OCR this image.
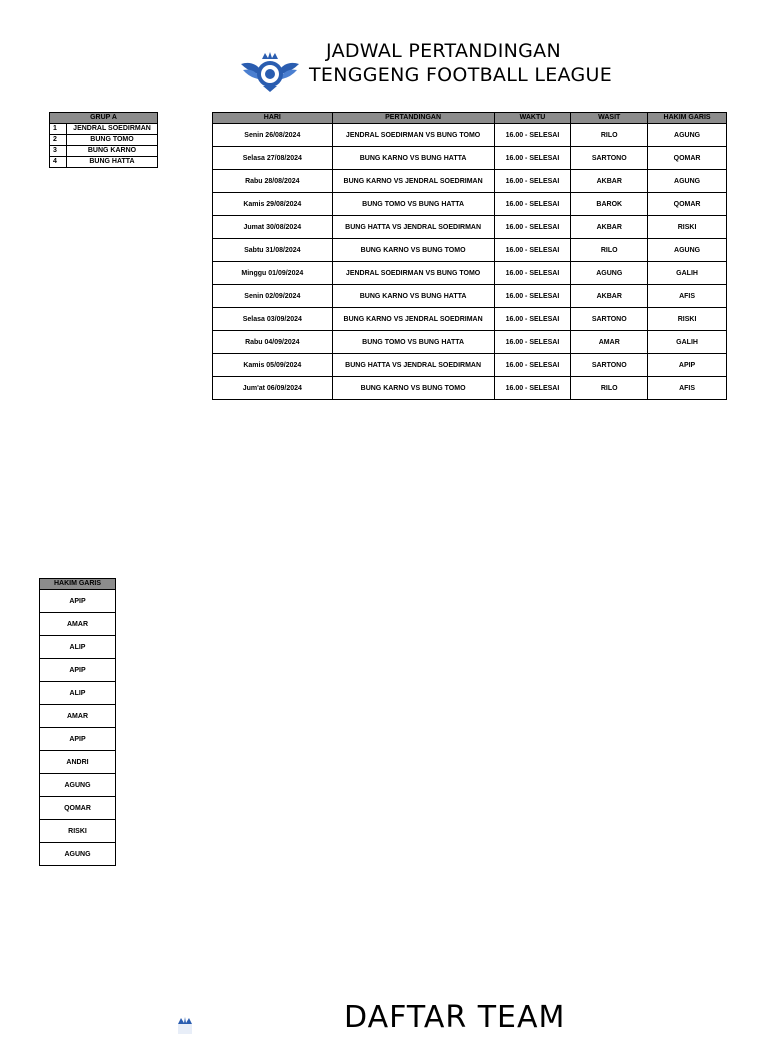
JADWAL PERTANDINGAN
TENGGENG FOOTBALL LEAGUE
GRUP A	
1	JENDRAL SOEDIRMAN
2	BUNG TOMO
3	BUNG KARNO
4	BUNG HATTA
HARI	PERTANDINGAN	WAKTU	WASIT	HAKIM GARIS
Senin 26/08/2024	JENDRAL SOEDIRMAN VS BUNG TOMO	16.00 - SELESAI	RILO	AGUNG
Selasa 27/08/2024	BUNG KARNO VS BUNG HATTA	16.00 - SELESAI	SARTONO	QOMAR
Rabu 28/08/2024	BUNG KARNO VS JENDRAL SOEDRIMAN	16.00 - SELESAI	AKBAR	AGUNG
Kamis 29/08/2024	BUNG TOMO VS BUNG HATTA	16.00 - SELESAI	BAROK	QOMAR
Jumat 30/08/2024	BUNG HATTA VS JENDRAL SOEDIRMAN	16.00 - SELESAI	AKBAR	RISKI
Sabtu 31/08/2024	BUNG KARNO VS BUNG TOMO	16.00 - SELESAI	RILO	AGUNG
Minggu 01/09/2024	JENDRAL SOEDIRMAN VS BUNG TOMO	16.00 - SELESAI	AGUNG	GALIH
Senin 02/09/2024	BUNG KARNO VS BUNG HATTA	16.00 - SELESAI	AKBAR	AFIS
Selasa 03/09/2024	BUNG KARNO VS JENDRAL SOEDRIMAN	16.00 - SELESAI	SARTONO	RISKI
Rabu 04/09/2024	BUNG TOMO VS BUNG HATTA	16.00 - SELESAI	AMAR	GALIH
Kamis 05/09/2024	BUNG HATTA VS JENDRAL SOEDIRMAN	16.00 - SELESAI	SARTONO	APIP
Jum'at 06/09/2024	BUNG KARNO VS BUNG TOMO	16.00 - SELESAI	RILO	AFIS
HAKIM GARIS
APIP
AMAR
ALIP
APIP
ALIP
AMAR
APIP
ANDRI
AGUNG
QOMAR
RISKI
AGUNG
DAFTAR TEAM
